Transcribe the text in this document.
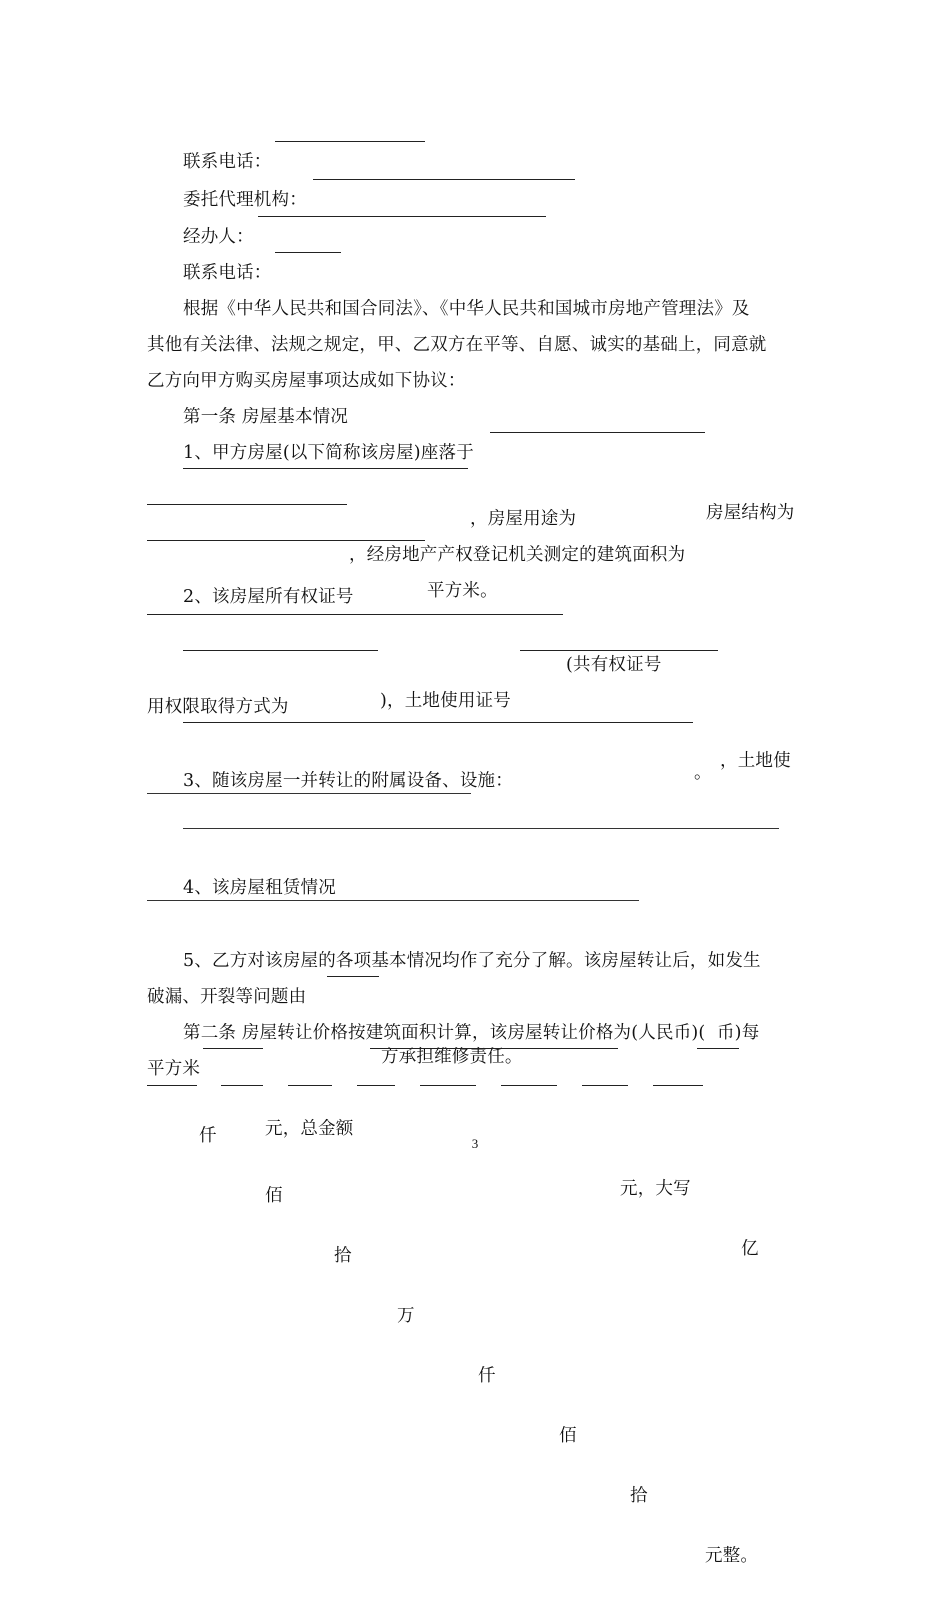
联系电话：

委托代理机构：

经办人：

联系电话：

根据《中华人民共和国合同法》、《中华人民共和国城市房地产管理法》及

其他有关法律、法规之规定，甲、乙双方在平等、自愿、诚实的基础上，同意就

乙方向甲方购买房屋事项达成如下协议：

第一条 房屋基本情况

1、甲方房屋(以下简称该房屋)座落于

房屋结构为

，房屋用途为

，经房地产产权登记机关测定的建筑面积为

平方米。

2、该房屋所有权证号

(共有权证号

)，土地使用证号

，土地使

用权限取得方式为

。

3、随该房屋一并转让的附属设备、设施：

4、该房屋租赁情况

5、乙方对该房屋的各项基本情况均作了充分了解。该房屋转让后，如发生

破漏、开裂等问题由

方承担维修责任。

第二条 房屋转让价格按建筑面积计算，该房屋转让价格为(人民币)(  币)每

平方米

元，总金额

元，大写

亿

仟

佰

拾

万

仟

佰

拾

元整。

3
